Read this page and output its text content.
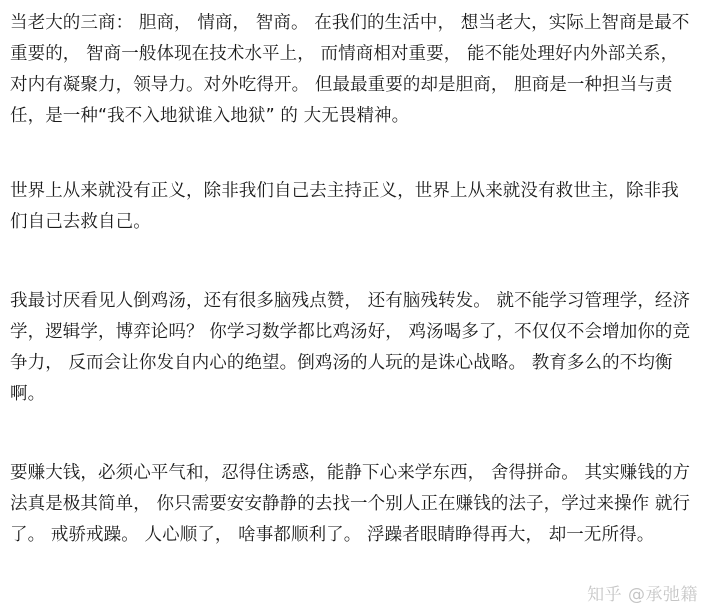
当老大的三商： 胆商， 情商， 智商。 在我们的生活中， 想当老大，实际上智商是最不
重要的， 智商一般体现在技术水平上， 而情商相对重要， 能不能处理好内外部关系，
对内有凝聚力，领导力。对外吃得开。 但最最重要的却是胆商， 胆商是一种担当与责
任，是一种“我不入地狱谁入地狱” 的 大无畏精神。

世界上从来就没有正义，除非我们自己去主持正义，世界上从来就没有救世主，除非我
们自己去救自己。

我最讨厌看见人倒鸡汤，还有很多脑残点赞， 还有脑残转发。 就不能学习管理学，经济
学，逻辑学，博弈论吗？ 你学习数学都比鸡汤好， 鸡汤喝多了，不仅仅不会增加你的竞
争力， 反而会让你发自内心的绝望。倒鸡汤的人玩的是诛心战略。 教育多么的不均衡
啊。

要赚大钱，必须心平气和，忍得住诱惑，能静下心来学东西， 舍得拼命。 其实赚钱的方
法真是极其简单， 你只需要安安静静的去找一个别人正在赚钱的法子，学过来操作 就行
了。 戒骄戒躁。 人心顺了， 啥事都顺利了。 浮躁者眼睛睁得再大， 却一无所得。

知乎 @承弛籍
